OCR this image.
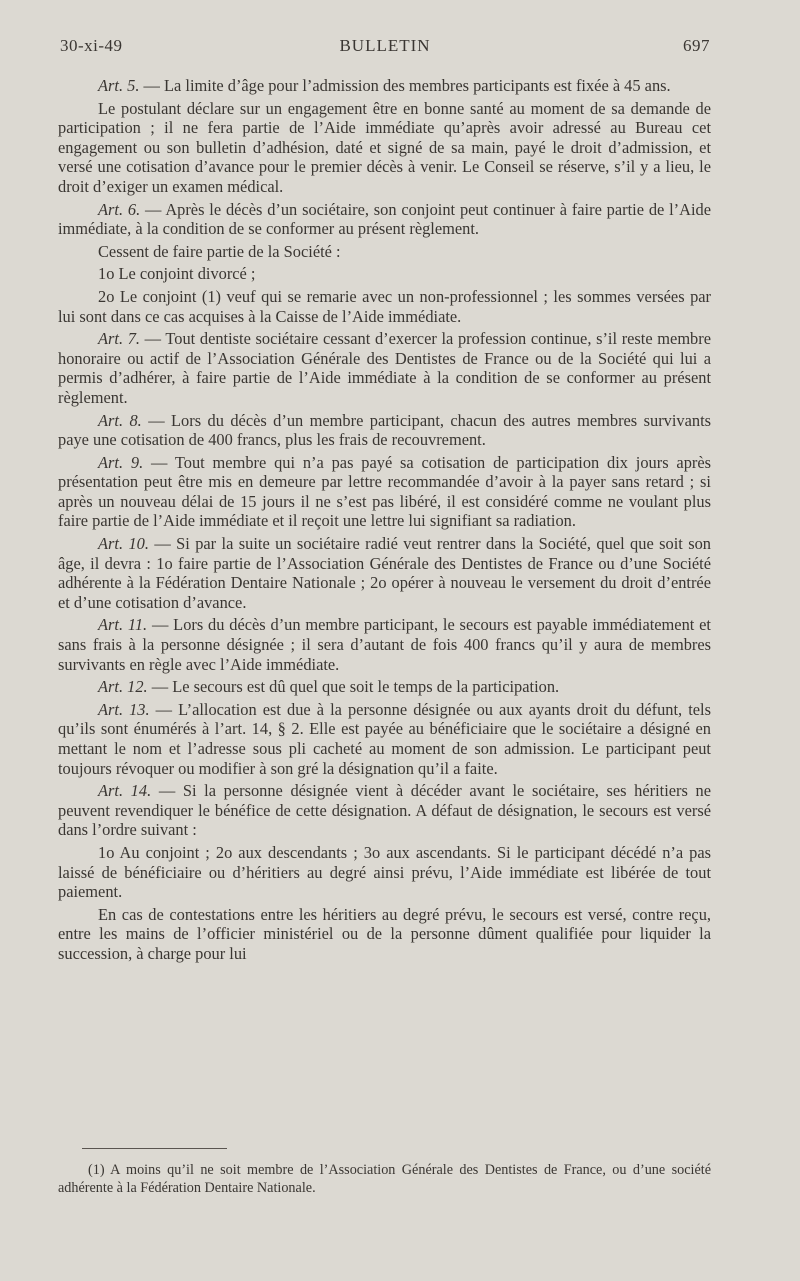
30-xi-49	BULLETIN	697

Art. 5. — La limite d’âge pour l’admission des membres participants est fixée à 45 ans.

Le postulant déclare sur un engagement être en bonne santé au moment de sa demande de participation ; il ne fera partie de l’Aide immédiate qu’après avoir adressé au Bureau cet engagement ou son bulletin d’adhésion, daté et signé de sa main, payé le droit d’admission, et versé une cotisation d’avance pour le premier décès à venir. Le Conseil se réserve, s’il y a lieu, le droit d’exiger un examen médical.

Art. 6. — Après le décès d’un sociétaire, son conjoint peut continuer à faire partie de l’Aide immédiate, à la condition de se conformer au présent règlement.

Cessent de faire partie de la Société :

1o Le conjoint divorcé ;

2o Le conjoint (1) veuf qui se remarie avec un non-professionnel ; les sommes versées par lui sont dans ce cas acquises à la Caisse de l’Aide immédiate.

Art. 7. — Tout dentiste sociétaire cessant d’exercer la profession continue, s’il reste membre honoraire ou actif de l’Association Générale des Dentistes de France ou de la Société qui lui a permis d’adhérer, à faire partie de l’Aide immédiate à la condition de se conformer au présent règlement.

Art. 8. — Lors du décès d’un membre participant, chacun des autres membres survivants paye une cotisation de 400 francs, plus les frais de recouvrement.

Art. 9. — Tout membre qui n’a pas payé sa cotisation de participation dix jours après présentation peut être mis en demeure par lettre recommandée d’avoir à la payer sans retard ; si après un nouveau délai de 15 jours il ne s’est pas libéré, il est considéré comme ne voulant plus faire partie de l’Aide immédiate et il reçoit une lettre lui signifiant sa radiation.

Art. 10. — Si par la suite un sociétaire radié veut rentrer dans la Société, quel que soit son âge, il devra : 1o faire partie de l’Association Générale des Dentistes de France ou d’une Société adhérente à la Fédération Dentaire Nationale ; 2o opérer à nouveau le versement du droit d’entrée et d’une cotisation d’avance.

Art. 11. — Lors du décès d’un membre participant, le secours est payable immédiatement et sans frais à la personne désignée ; il sera d’autant de fois 400 francs qu’il y aura de membres survivants en règle avec l’Aide immédiate.

Art. 12. — Le secours est dû quel que soit le temps de la participation.

Art. 13. — L’allocation est due à la personne désignée ou aux ayants droit du défunt, tels qu’ils sont énumérés à l’art. 14, § 2. Elle est payée au bénéficiaire que le sociétaire a désigné en mettant le nom et l’adresse sous pli cacheté au moment de son admission. Le participant peut toujours révoquer ou modifier à son gré la désignation qu’il a faite.

Art. 14. — Si la personne désignée vient à décéder avant le sociétaire, ses héritiers ne peuvent revendiquer le bénéfice de cette désignation. A défaut de désignation, le secours est versé dans l’ordre suivant :

1o Au conjoint ; 2o aux descendants ; 3o aux ascendants. Si le participant décédé n’a pas laissé de bénéficiaire ou d’héritiers au degré ainsi prévu, l’Aide immédiate est libérée de tout paiement.

En cas de contestations entre les héritiers au degré prévu, le secours est versé, contre reçu, entre les mains de l’officier ministériel ou de la personne dûment qualifiée pour liquider la succession, à charge pour lui

(1) A moins qu’il ne soit membre de l’Association Générale des Dentistes de France, ou d’une société adhérente à la Fédération Dentaire Nationale.
